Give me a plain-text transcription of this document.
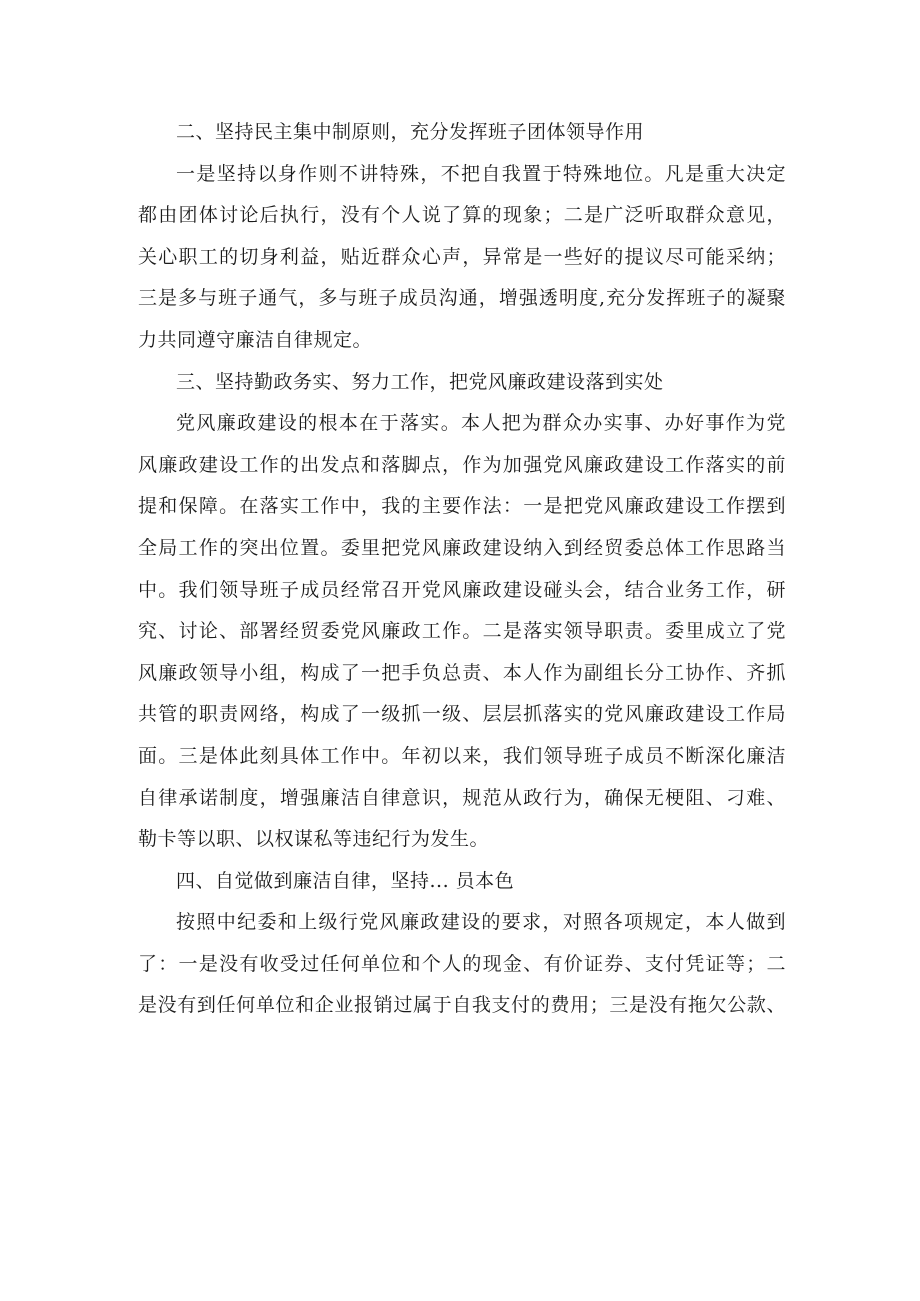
二、坚持民主集中制原则，充分发挥班子团体领导作用
一是坚持以身作则不讲特殊，不把自我置于特殊地位。凡是重大决定
都由团体讨论后执行，没有个人说了算的现象；二是广泛听取群众意见，
关心职工的切身利益，贴近群众心声，异常是一些好的提议尽可能采纳；
三是多与班子通气，多与班子成员沟通，增强透明度,充分发挥班子的凝聚
力共同遵守廉洁自律规定。
三、坚持勤政务实、努力工作，把党风廉政建设落到实处
党风廉政建设的根本在于落实。本人把为群众办实事、办好事作为党
风廉政建设工作的出发点和落脚点，作为加强党风廉政建设工作落实的前
提和保障。在落实工作中，我的主要作法：一是把党风廉政建设工作摆到
全局工作的突出位置。委里把党风廉政建设纳入到经贸委总体工作思路当
中。我们领导班子成员经常召开党风廉政建设碰头会，结合业务工作，研
究、讨论、部署经贸委党风廉政工作。二是落实领导职责。委里成立了党
风廉政领导小组，构成了一把手负总责、本人作为副组长分工协作、齐抓
共管的职责网络，构成了一级抓一级、层层抓落实的党风廉政建设工作局
面。三是体此刻具体工作中。年初以来，我们领导班子成员不断深化廉洁
自律承诺制度，增强廉洁自律意识，规范从政行为，确保无梗阻、刁难、
勒卡等以职、以权谋私等违纪行为发生。
四、自觉做到廉洁自律，坚持... 员本色
按照中纪委和上级行党风廉政建设的要求，对照各项规定，本人做到
了：一是没有收受过任何单位和个人的现金、有价证券、支付凭证等；二
是没有到任何单位和企业报销过属于自我支付的费用；三是没有拖欠公款、
